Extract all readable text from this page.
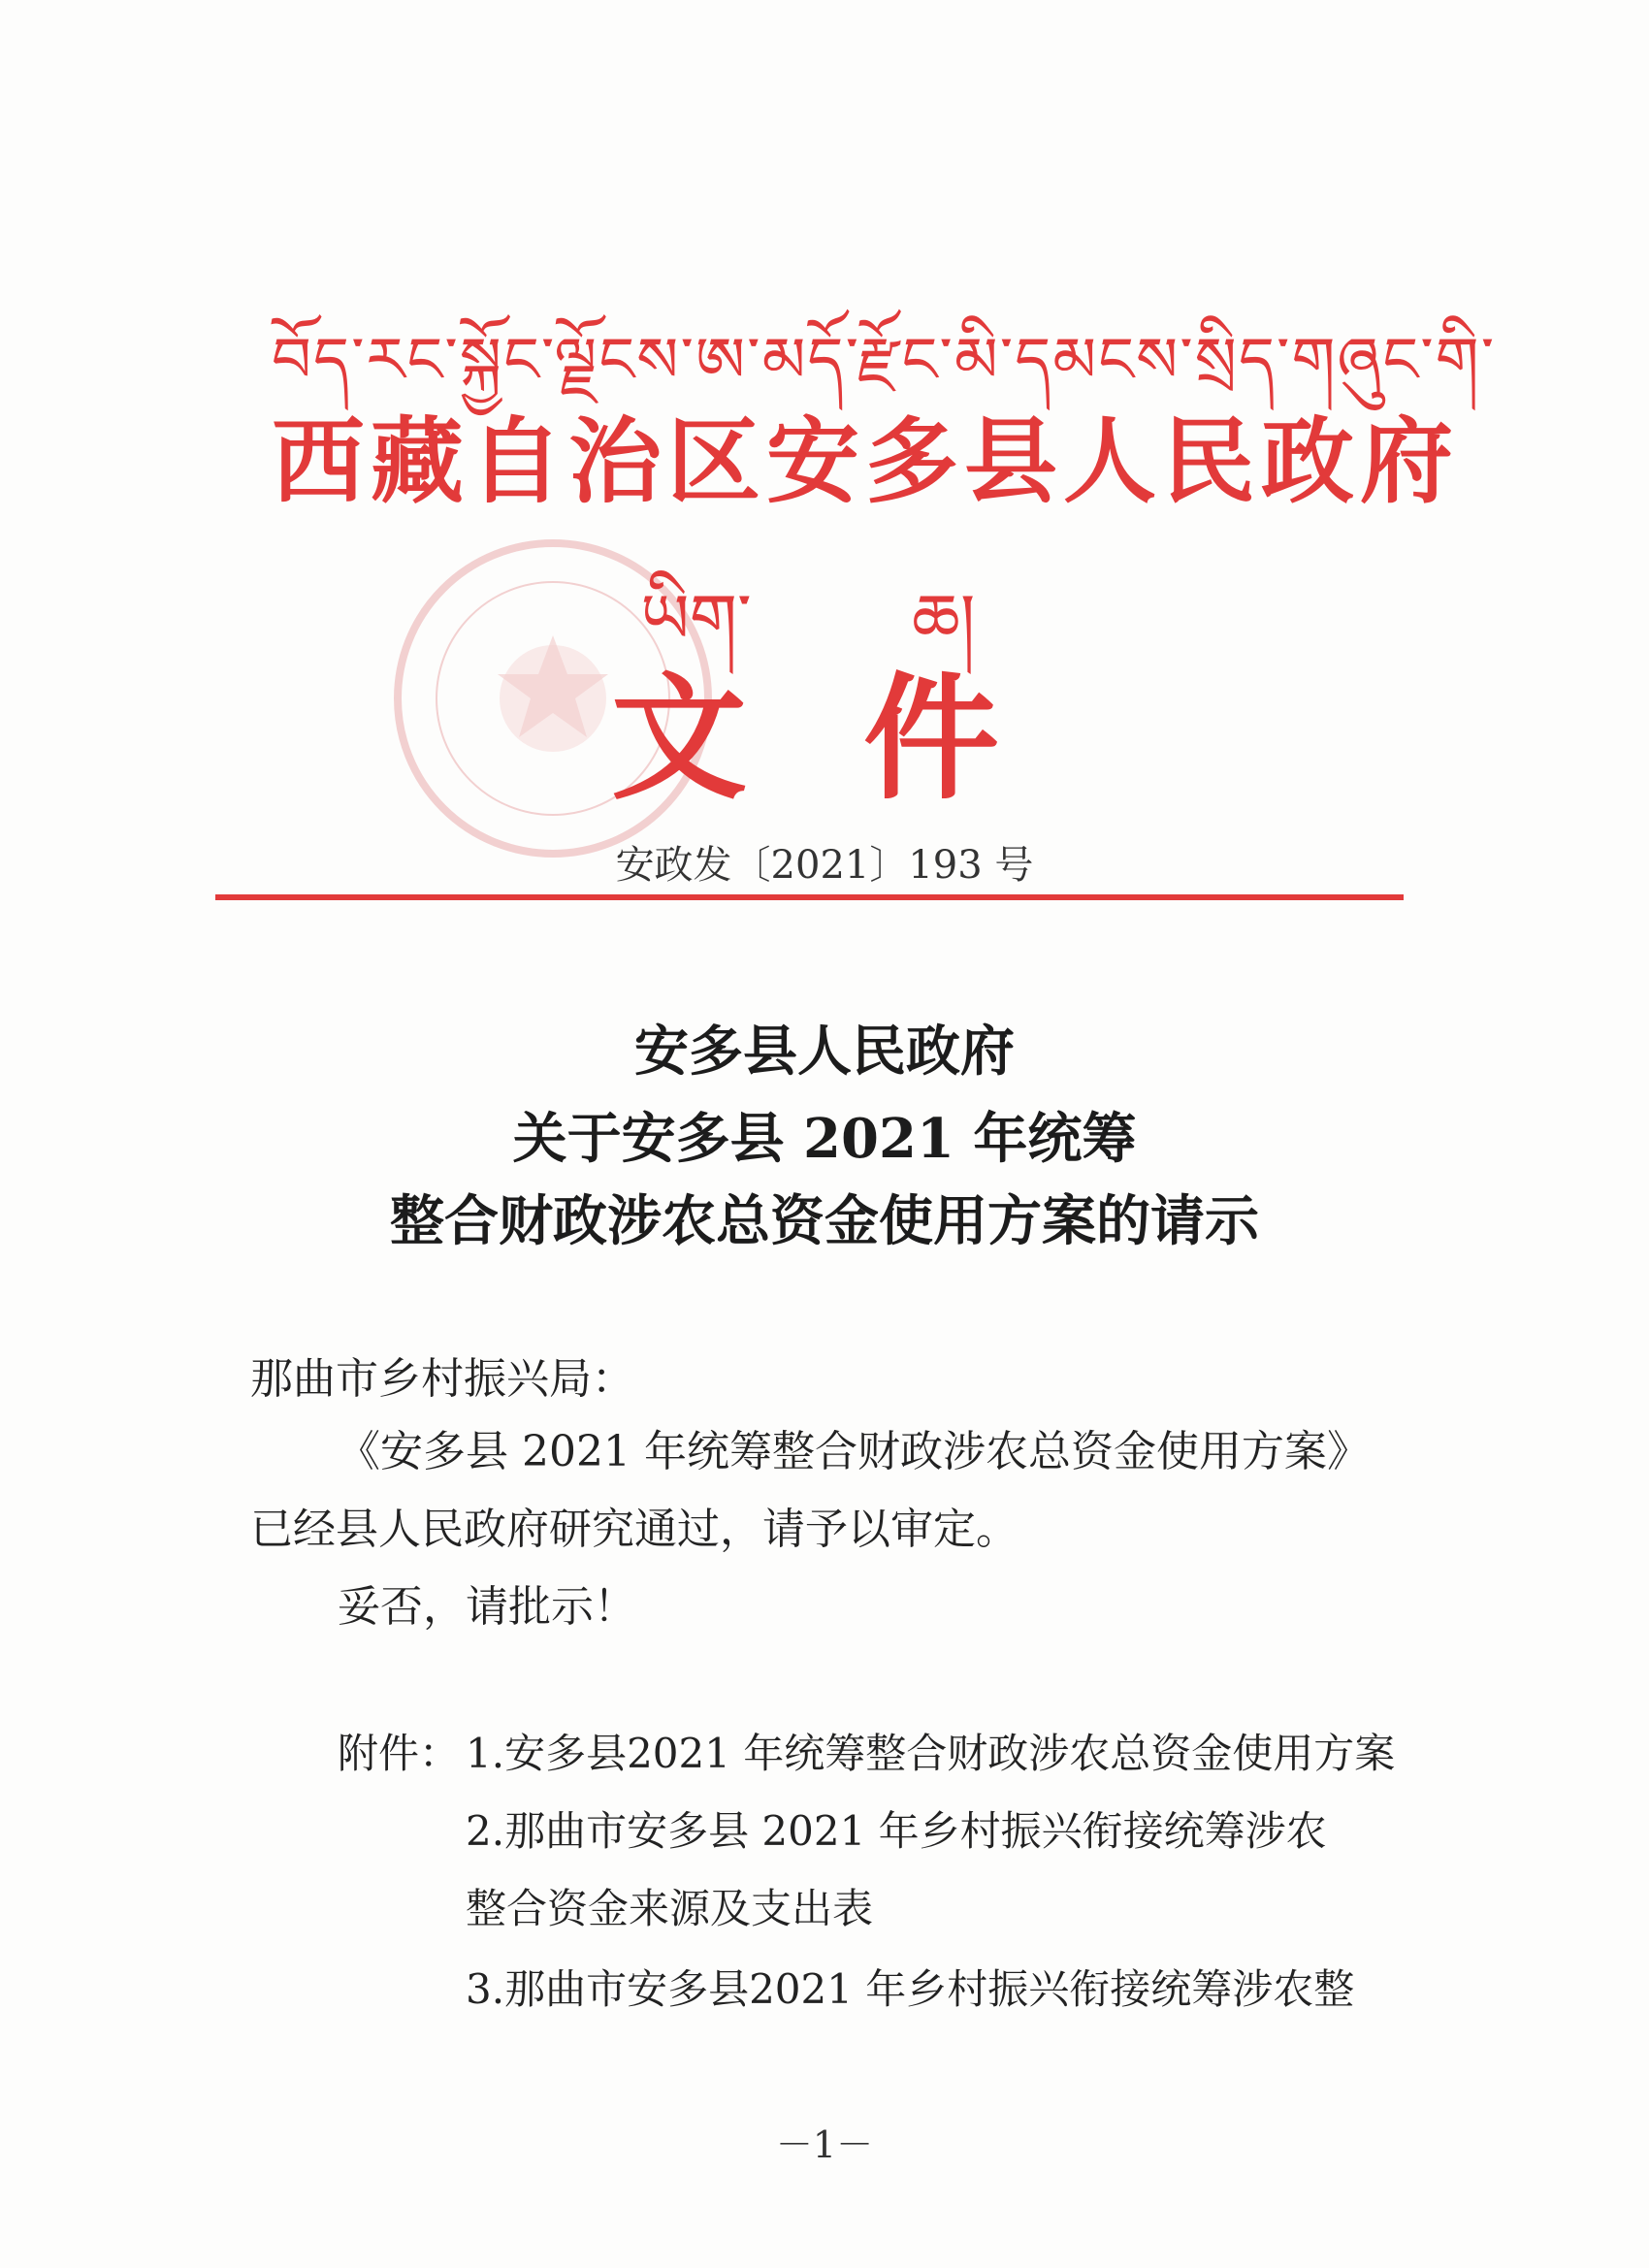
བོད་རང་སྐྱོང་ལྗོངས་ཨ་མདོ་རྫོང་མི་དམངས་སྲིད་གཞུང་གི་
西藏自治区安多县人民政府
ཡིག་ ཆ།
文 件
安政发〔2021〕193 号
安多县人民政府
关于安多县 2021 年统筹
整合财政涉农总资金使用方案的请示
那曲市乡村振兴局：
《安多县 2021 年统筹整合财政涉农总资金使用方案》
已经县人民政府研究通过，请予以审定。
妥否，请批示！
附件： 1.安多县2021 年统筹整合财政涉农总资金使用方案
2.那曲市安多县 2021 年乡村振兴衔接统筹涉农
整合资金来源及支出表
3.那曲市安多县2021 年乡村振兴衔接统筹涉农整
－1－
